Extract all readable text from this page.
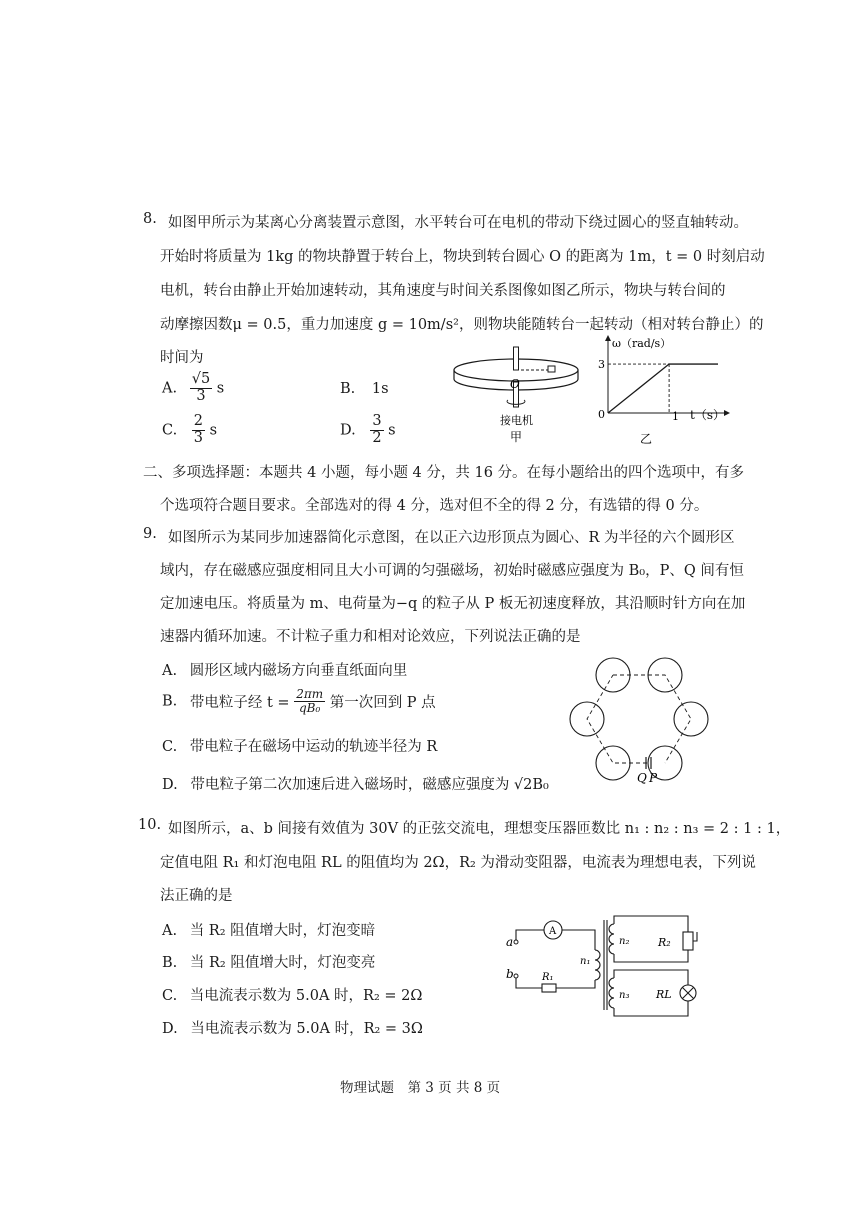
8. 如图甲所示为某离心分离装置示意图，水平转台可在电机的带动下绕过圆心的竖直轴转动。
开始时将质量为 1kg 的物块静置于转台上，物块到转台圆心 O 的距离为 1m，t = 0 时刻启动
电机，转台由静止开始加速转动，其角速度与时间关系图像如图乙所示，物块与转台间的
动摩擦因数μ = 0.5，重力加速度 g = 10m/s²，则物块能随转台一起转动（相对转台静止）的
时间为
A. $\frac{√5}{3}$ s	B. 1s
C. $\frac{2}{3}$ s	D. $\frac{3}{2}$ s
O
接电机
甲
ω（rad/s）
t（s）
0
3
1
乙
二、多项选择题：本题共 4 小题，每小题 4 分，共 16 分。在每小题给出的四个选项中，有多
个选项符合题目要求。全部选对的得 4 分，选对但不全的得 2 分，有选错的得 0 分。
9. 如图所示为某同步加速器简化示意图，在以正六边形顶点为圆心、R 为半径的六个圆形区
域内，存在磁感应强度相同且大小可调的匀强磁场，初始时磁感应强度为 B₀，P、Q 间有恒
定加速电压。将质量为 m、电荷量为−q 的粒子从 P 板无初速度释放，其沿顺时针方向在加
速器内循环加速。不计粒子重力和相对论效应，下列说法正确的是
A. 圆形区域内磁场方向垂直纸面向里
B. 带电粒子经 $t = \frac{2\pi m}{\text{qB₀}}$ 第一次回到 P 点
C. 带电粒子在磁场中运动的轨迹半径为 R
D. 带电粒子第二次加速后进入磁场时，磁感应强度为 √2B₀	Q P
10. 如图所示，a、b 间接有效值为 30V 的正弦交流电，理想变压器匝数比 n₁ : n₂ : n₃ = 2 : 1 : 1，
定值电阻 R₁ 和灯泡电阻 RL 的阻值均为 2Ω，R₂ 为滑动变阻器，电流表为理想电表，下列说
法正确的是
A. 当 R₂ 阻值增大时，灯泡变暗
B. 当 R₂ 阻值增大时，灯泡变亮
C. 当电流表示数为 5.0A 时，R₂ = 2Ω
D. 当电流表示数为 5.0A 时，R₂ = 3Ω
a
b
A
R₁
n₁
n₂
n₃
R₂
RL
物理试题　第 3 页 共 8 页
